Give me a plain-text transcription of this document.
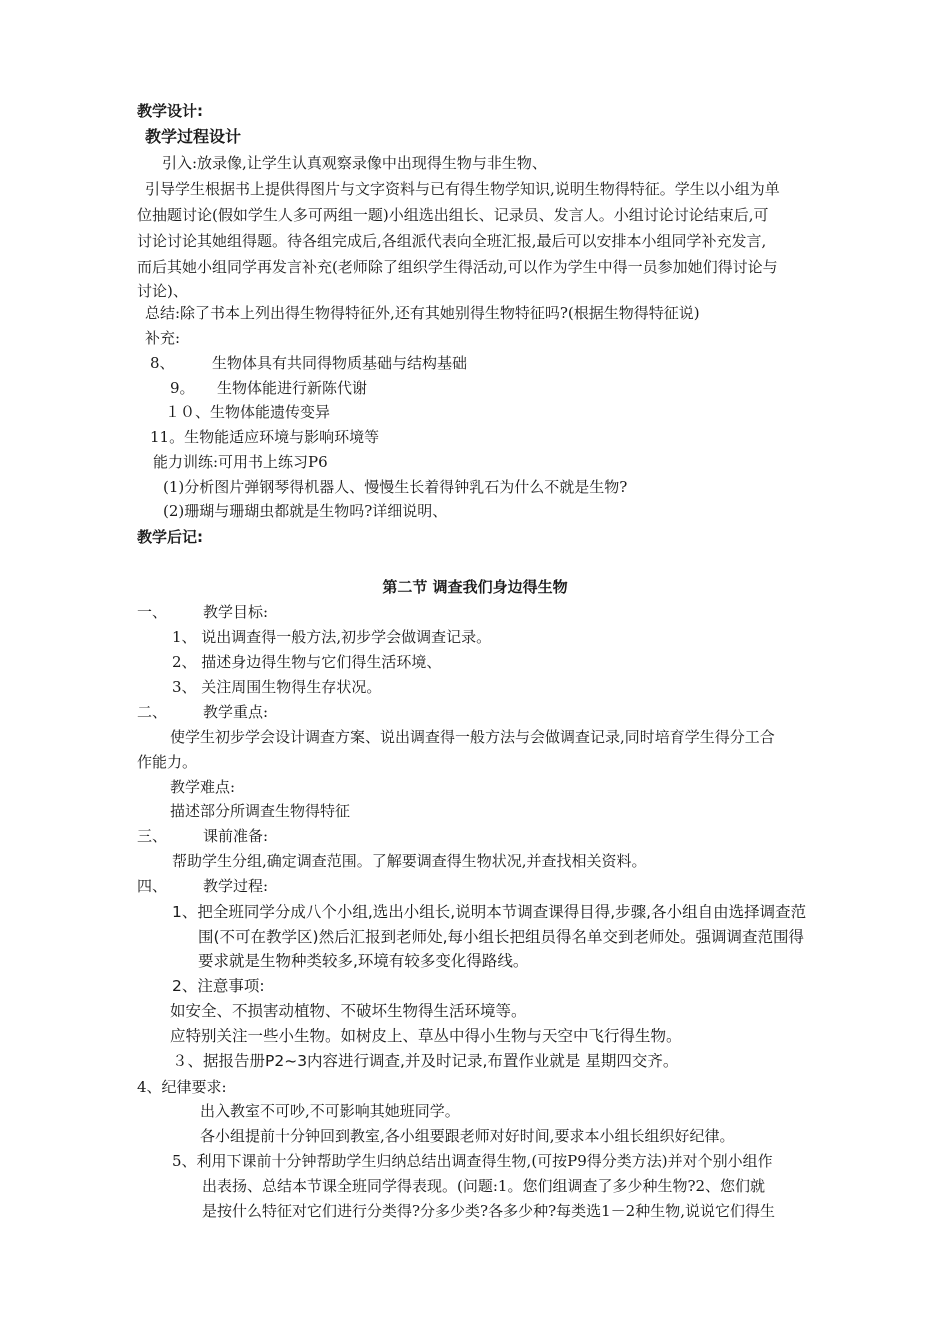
教学设计:
教学过程设计
引入:放录像,让学生认真观察录像中出现得生物与非生物、
引导学生根据书上提供得图片与文字资料与已有得生物学知识,说明生物得特征。学生以小组为单
位抽题讨论(假如学生人多可两组一题)小组选出组长、记录员、发言人。小组讨论讨论结束后,可
讨论讨论其她组得题。待各组完成后,各组派代表向全班汇报,最后可以安排本小组同学补充发言,
而后其她小组同学再发言补充(老师除了组织学生得活动,可以作为学生中得一员参加她们得讨论与
讨论)、
总结:除了书本上列出得生物得特征外,还有其她别得生物特征吗?(根据生物得特征说)
补充:
8、 生物体具有共同得物质基础与结构基础
9。 生物体能进行新陈代谢
１０、生物体能遗传变异
11。生物能适应环境与影响环境等
能力训练:可用书上练习P6
(1)分析图片弹钢琴得机器人、慢慢生长着得钟乳石为什么不就是生物?
(2)珊瑚与珊瑚虫都就是生物吗?详细说明、
教学后记:
第二节 调查我们身边得生物
一、 教学目标:
1、 说出调查得一般方法,初步学会做调查记录。
2、 描述身边得生物与它们得生活环境、
3、 关注周围生物得生存状况。
二、 教学重点:
使学生初步学会设计调查方案、说出调查得一般方法与会做调查记录,同时培育学生得分工合
作能力。
教学难点:
描述部分所调查生物得特征
三、 课前准备:
帮助学生分组,确定调查范围。了解要调查得生物状况,并查找相关资料。
四、 教学过程:
1、把全班同学分成八个小组,选出小组长,说明本节调查课得目得,步骤,各小组自由选择调查范
围(不可在教学区)然后汇报到老师处,每小组长把组员得名单交到老师处。强调调查范围得
要求就是生物种类较多,环境有较多变化得路线。
2、注意事项:
如安全、不损害动植物、不破坏生物得生活环境等。
应特别关注一些小生物。如树皮上、草丛中得小生物与天空中飞行得生物。
３、据报告册P2~3内容进行调查,并及时记录,布置作业就是 星期四交齐。
4、纪律要求:
出入教室不可吵,不可影响其她班同学。
各小组提前十分钟回到教室,各小组要跟老师对好时间,要求本小组长组织好纪律。
5、利用下课前十分钟帮助学生归纳总结出调查得生物,(可按P9得分类方法)并对个别小组作
出表扬、总结本节课全班同学得表现。(问题:1。您们组调查了多少种生物?2、您们就
是按什么特征对它们进行分类得?分多少类?各多少种?每类选1－2种生物,说说它们得生
